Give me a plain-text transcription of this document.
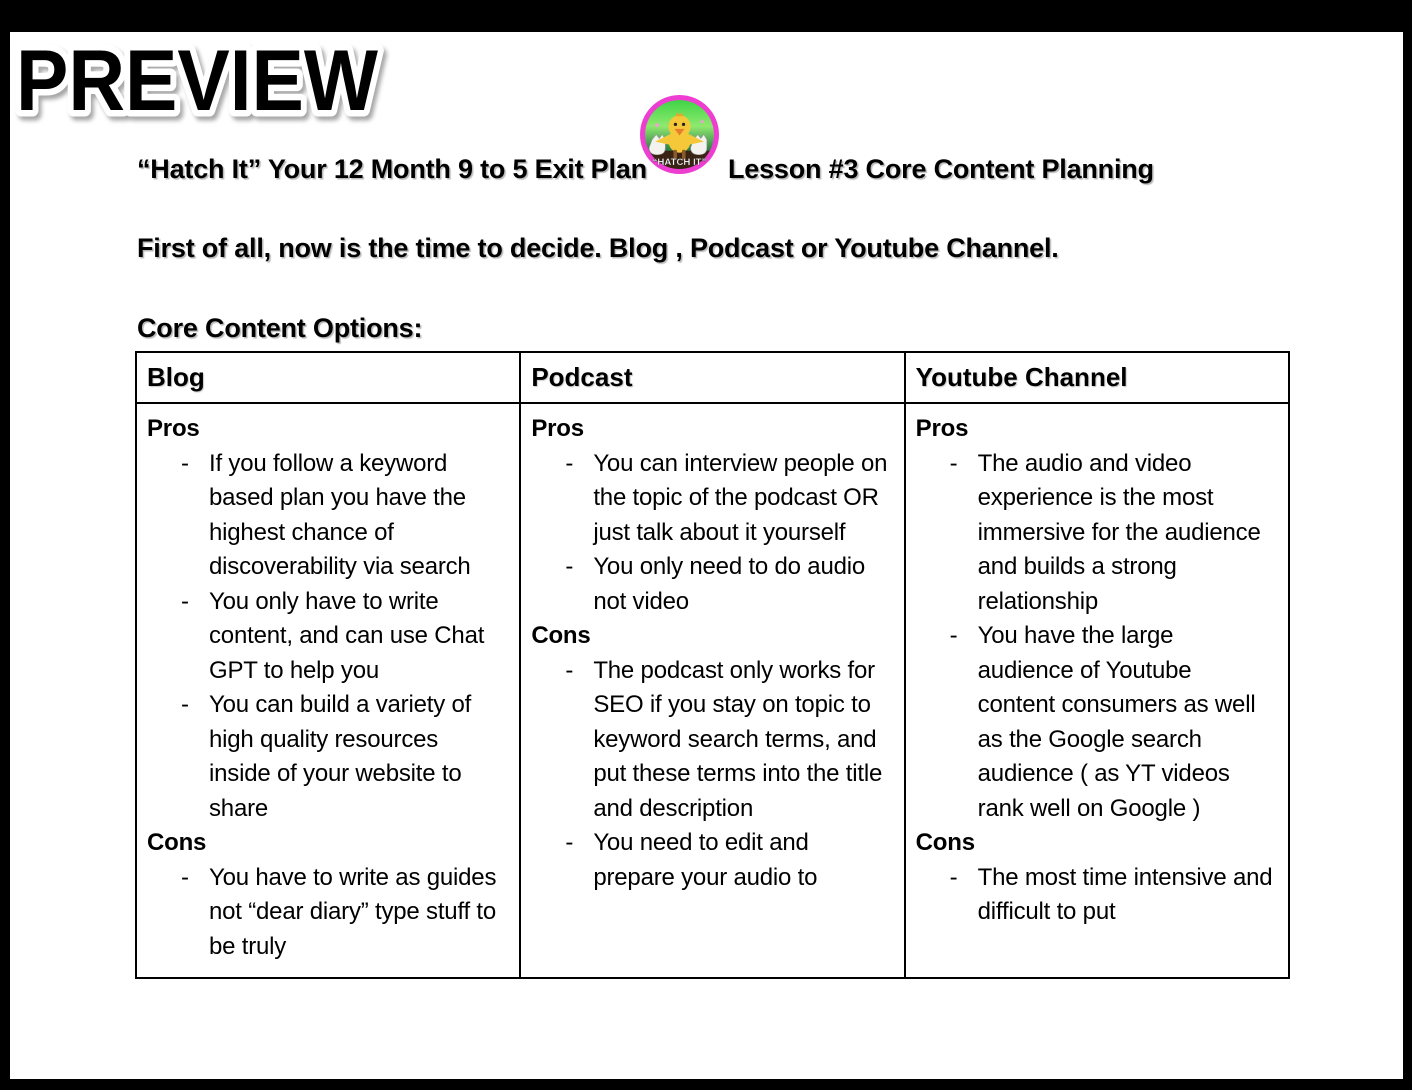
PREVIEW	✦	✦
“HATCH IT”
“Hatch It” Your 12 Month 9 to 5 Exit Plan	Lesson #3 Core Content Planning
First of all, now is the time to decide. Blog , Podcast or Youtube Channel.
Core Content Options:
Blog	Podcast	Youtube Channel

Pros
- If you follow a keyword based plan you have the highest chance of discoverability via search
- You only have to write content, and can use Chat GPT to help you
- You can build a variety of high quality resources inside of your website to share
Cons
- You have to write as guides not “dear diary” type stuff to be truly

Pros
- You can interview people on the topic of the podcast OR just talk about it yourself
- You only need to do audio not video
Cons
- The podcast only works for SEO if you stay on topic to keyword search terms, and put these terms into the title and description
- You need to edit and prepare your audio to

Pros
- The audio and video experience is the most immersive for the audience and builds a strong relationship
- You have the large audience of Youtube content consumers as well as the Google search audience ( as YT videos rank well on Google )
Cons
- The most time intensive and difficult to put
